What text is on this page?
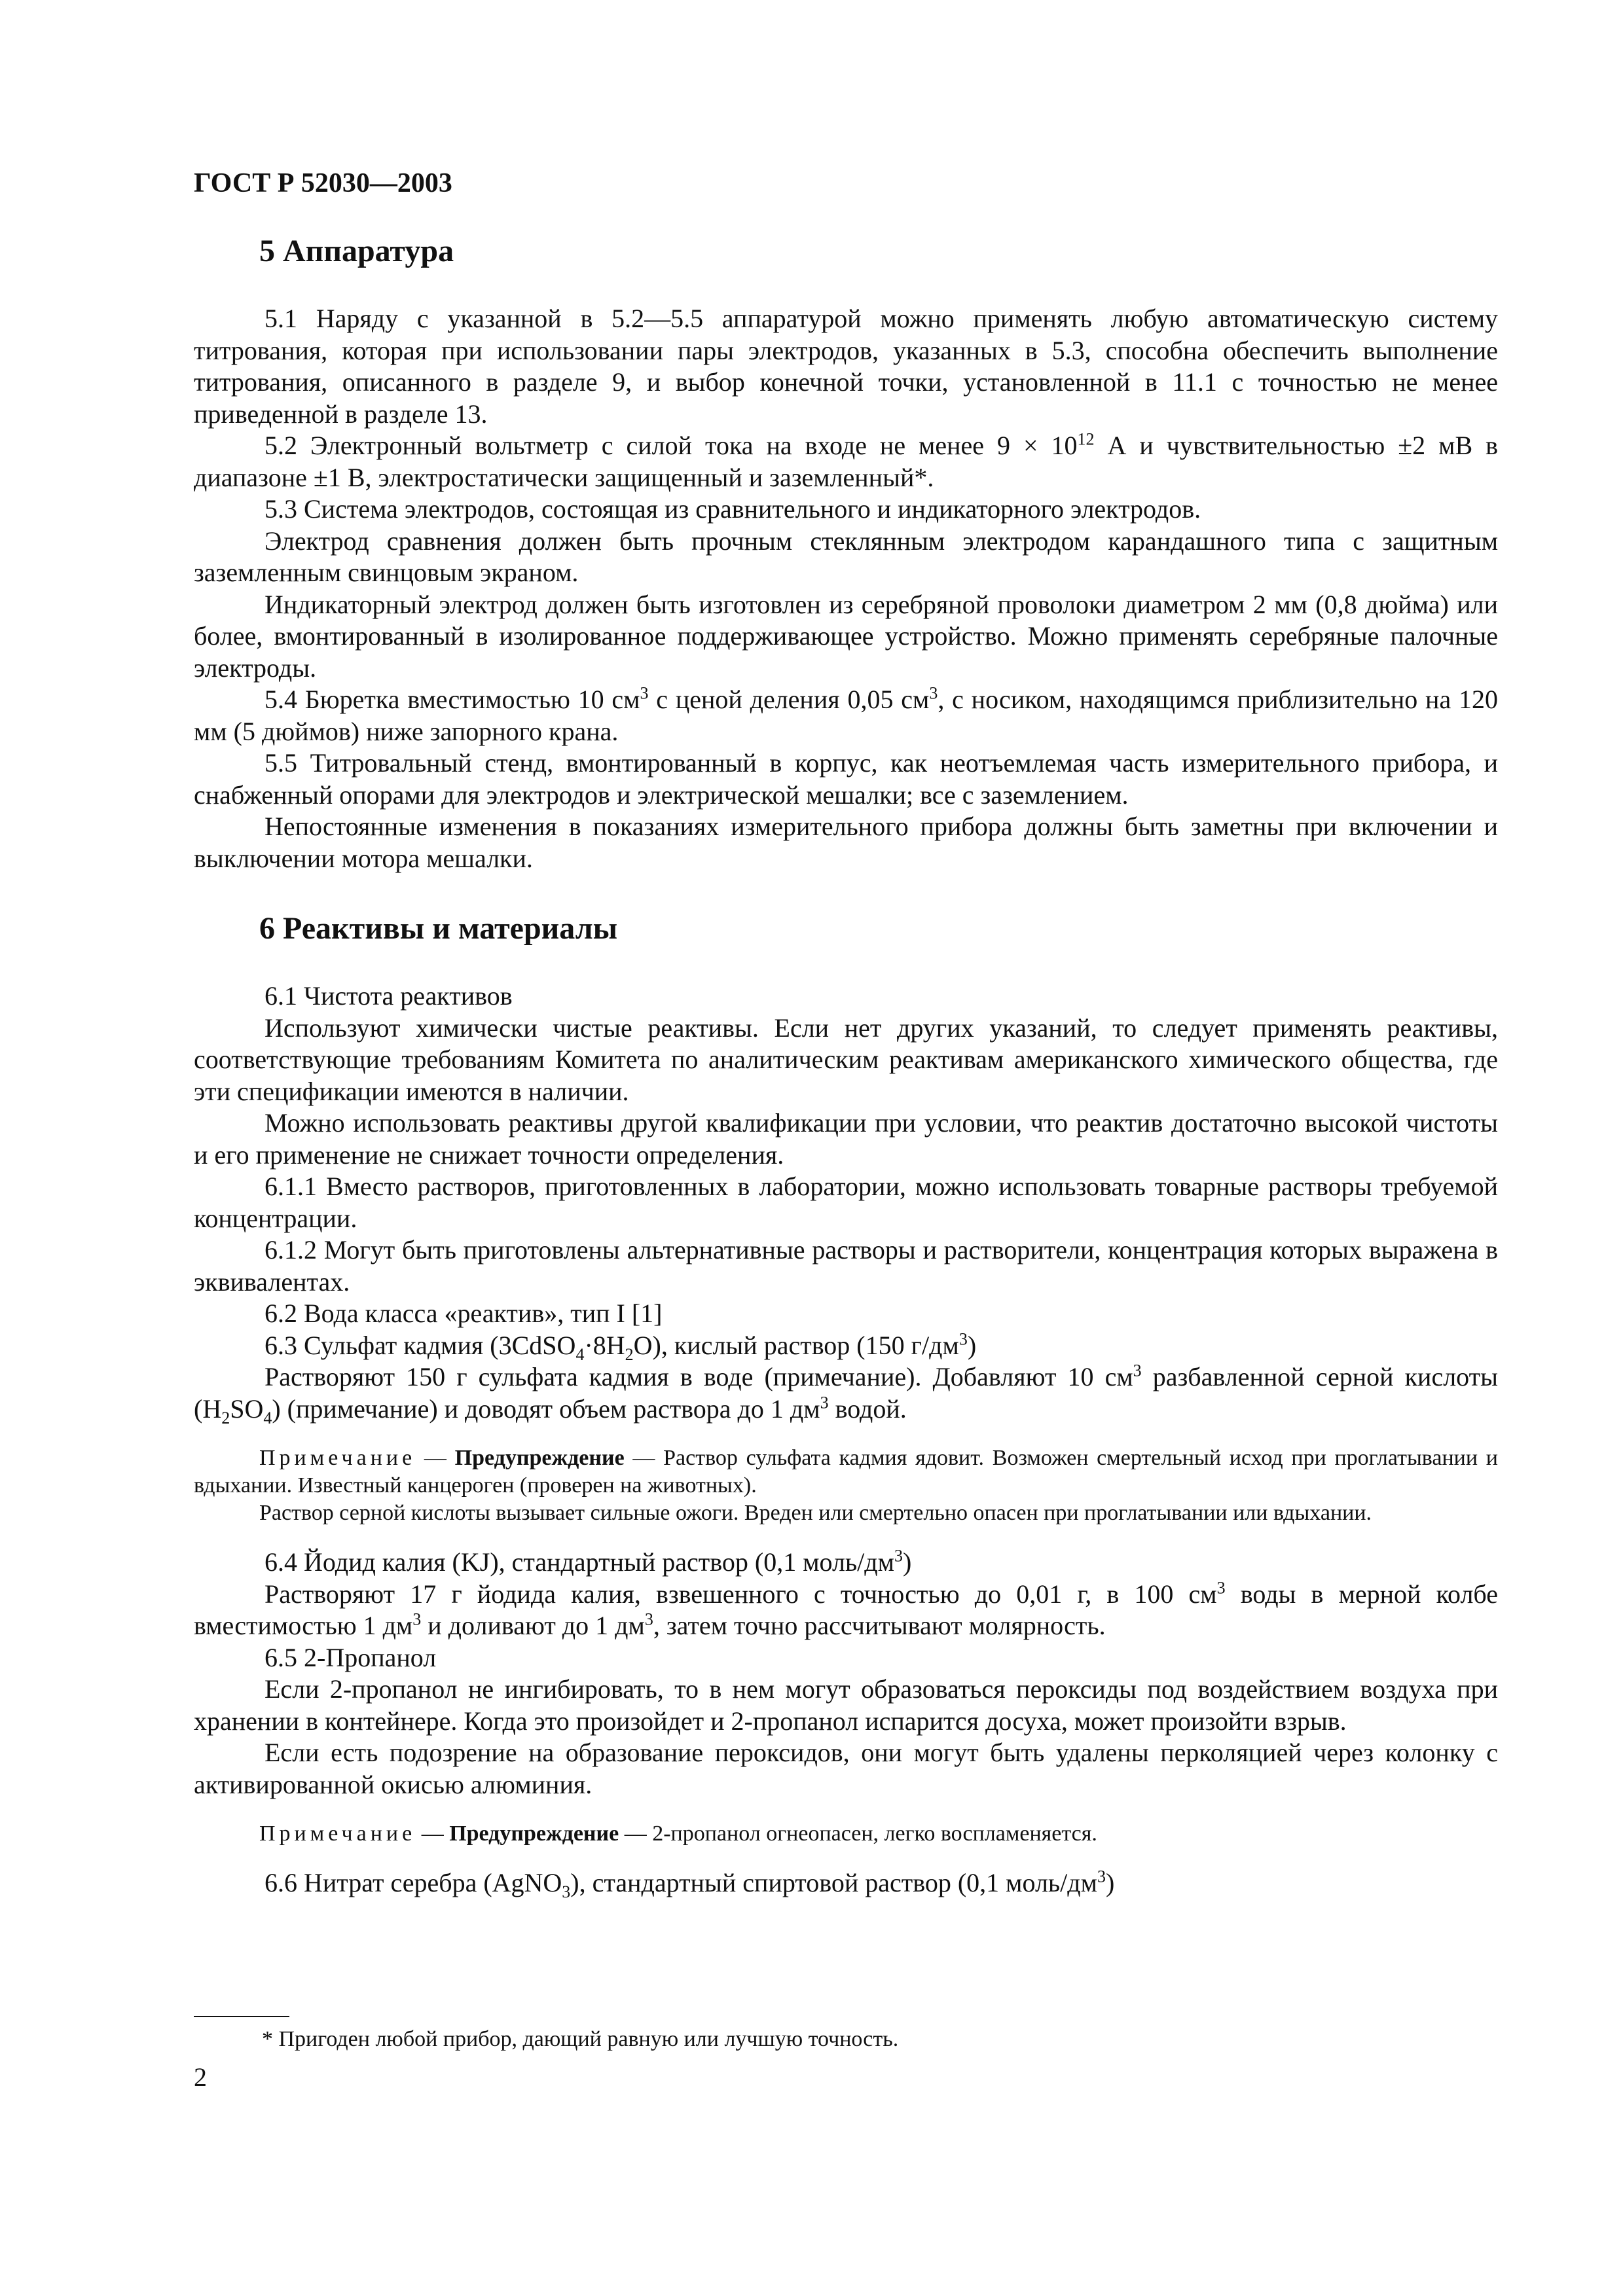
ГОСТ Р 52030—2003
5 Аппаратура

5.1 Наряду с указанной в 5.2—5.5 аппаратурой можно применять любую автоматическую систему титрования, которая при использовании пары электродов, указанных в 5.3, способна обеспечить выполнение титрования, описанного в разделе 9, и выбор конечной точки, установленной в 11.1 с точностью не менее приведенной в разделе 13.

5.2 Электронный вольтметр с силой тока на входе не менее $9 \times 10^{12}$ А и чувствительностью ±2 мВ в диапазоне ±1 В, электростатически защищенный и заземленный*.

5.3 Система электродов, состоящая из сравнительного и индикаторного электродов.

Электрод сравнения должен быть прочным стеклянным электродом карандашного типа с защитным заземленным свинцовым экраном.

Индикаторный электрод должен быть изготовлен из серебряной проволоки диаметром 2 мм (0,8 дюйма) или более, вмонтированный в изолированное поддерживающее устройство. Можно применять серебряные палочные электроды.

5.4 Бюретка вместимостью 10 $см^3$ с ценой деления 0,05 $см^3$, с носиком, находящимся приблизительно на 120 мм (5 дюймов) ниже запорного крана.

5.5 Титровальный стенд, вмонтированный в корпус, как неотъемлемая часть измерительного прибора, и снабженный опорами для электродов и электрической мешалки; все с заземлением.

Непостоянные изменения в показаниях измерительного прибора должны быть заметны при включении и выключении мотора мешалки.

6 Реактивы и материалы

6.1 Чистота реактивов

Используют химически чистые реактивы. Если нет других указаний, то следует применять реактивы, соответствующие требованиям Комитета по аналитическим реактивам американского химического общества, где эти спецификации имеются в наличии.

Можно использовать реактивы другой квалификации при условии, что реактив достаточно высокой чистоты и его применение не снижает точности определения.

6.1.1 Вместо растворов, приготовленных в лаборатории, можно использовать товарные растворы требуемой концентрации.

6.1.2 Могут быть приготовлены альтернативные растворы и растворители, концентрация которых выражена в эквивалентах.

6.2 Вода класса «реактив», тип I [1]

6.3 Сульфат кадмия $(3CdSO_4\cdot 8H_2O)$, кислый раствор (150 $г/дм^3$)

Растворяют 150 г сульфата кадмия в воде (примечание). Добавляют 10 $см^3$ разбавленной серной кислоты $(H_2SO_4)$ (примечание) и доводят объем раствора до 1 $дм^3$ водой.

Примечание — Предупреждение — Раствор сульфата кадмия ядовит. Возможен смертельный исход при проглатывании и вдыхании. Известный канцероген (проверен на животных).

Раствор серной кислоты вызывает сильные ожоги. Вреден или смертельно опасен при проглатывании или вдыхании.

6.4 Йодид калия (KJ), стандартный раствор (0,1 моль/$дм^3$)

Растворяют 17 г йодида калия, взвешенного с точностью до 0,01 г, в 100 $см^3$ воды в мерной колбе вместимостью 1 $дм^3$ и доливают до 1 $дм^3$, затем точно рассчитывают молярность.

6.5 2-Пропанол

Если 2-пропанол не ингибировать, то в нем могут образоваться пероксиды под воздействием воздуха при хранении в контейнере. Когда это произойдет и 2-пропанол испарится досуха, может произойти взрыв.

Если есть подозрение на образование пероксидов, они могут быть удалены перколяцией через колонку с активированной окисью алюминия.

Примечание — Предупреждение — 2-пропанол огнеопасен, легко воспламеняется.

6.6 Нитрат серебра (AgNO$_3$), стандартный спиртовой раствор (0,1 моль/$дм^3$)

* Пригоден любой прибор, дающий равную или лучшую точность.

2
